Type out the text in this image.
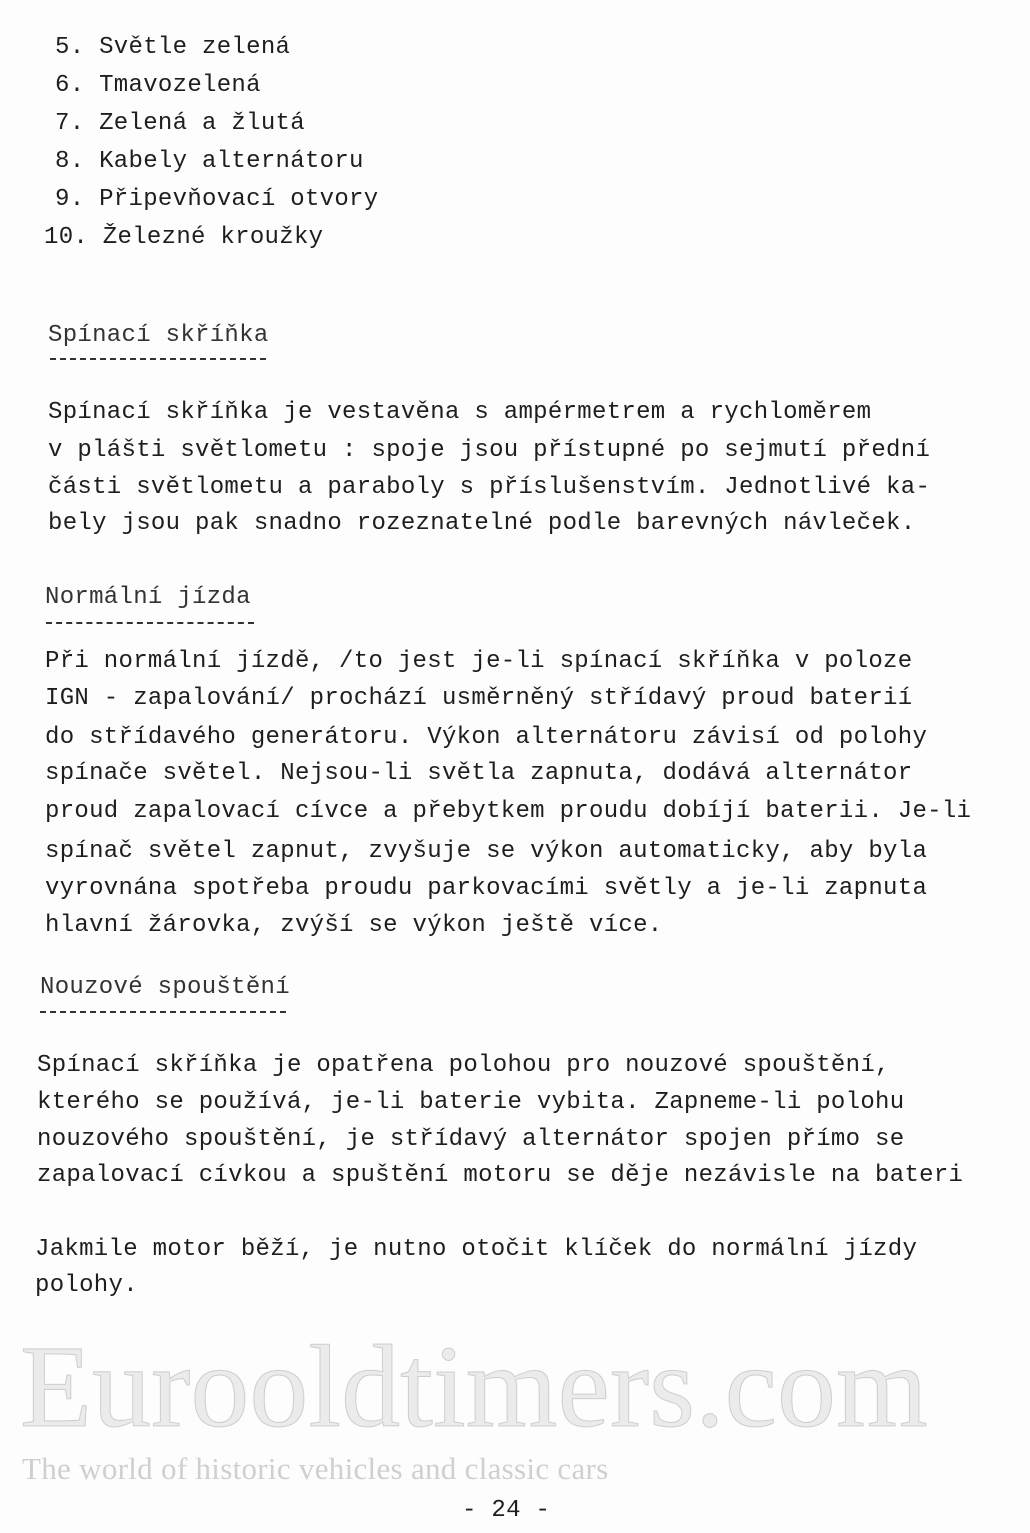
5. Světle zelená
6. Tmavozelená
7. Zelená a žlutá
8. Kabely alternátoru
9. Připevňovací otvory
10. Železné kroužky
Spínací skříňka
Spínací skříňka je vestavěna s ampérmetrem a rychloměrem
v plášti světlometu : spoje jsou přístupné po sejmutí přední
části světlometu a paraboly s příslušenstvím. Jednotlivé ka-
bely jsou pak snadno rozeznatelné podle barevných návleček.
Normální jízda
Při normální jízdě, /to jest je-li spínací skříňka v poloze
IGN - zapalování/ prochází usměrněný střídavý proud baterií
do střídavého generátoru. Výkon alternátoru závisí od polohy
spínače světel. Nejsou-li světla zapnuta, dodává alternátor
proud zapalovací cívce a přebytkem proudu dobíjí baterii. Je-li
spínač světel zapnut, zvyšuje se výkon automaticky, aby byla
vyrovnána spotřeba proudu parkovacími světly a je-li zapnuta
hlavní žárovka, zvýší se výkon ještě více.
Nouzové spouštění
Spínací skříňka je opatřena polohou pro nouzové spouštění,
kterého se používá, je-li baterie vybita. Zapneme-li polohu
nouzového spouštění, je střídavý alternátor spojen přímo se
zapalovací cívkou a spuštění motoru se děje nezávisle na bateri
Jakmile motor běží, je nutno otočit klíček do normální jízdy
polohy.
Eurooldtimers.com
The world of historic vehicles and classic cars
- 24 -
